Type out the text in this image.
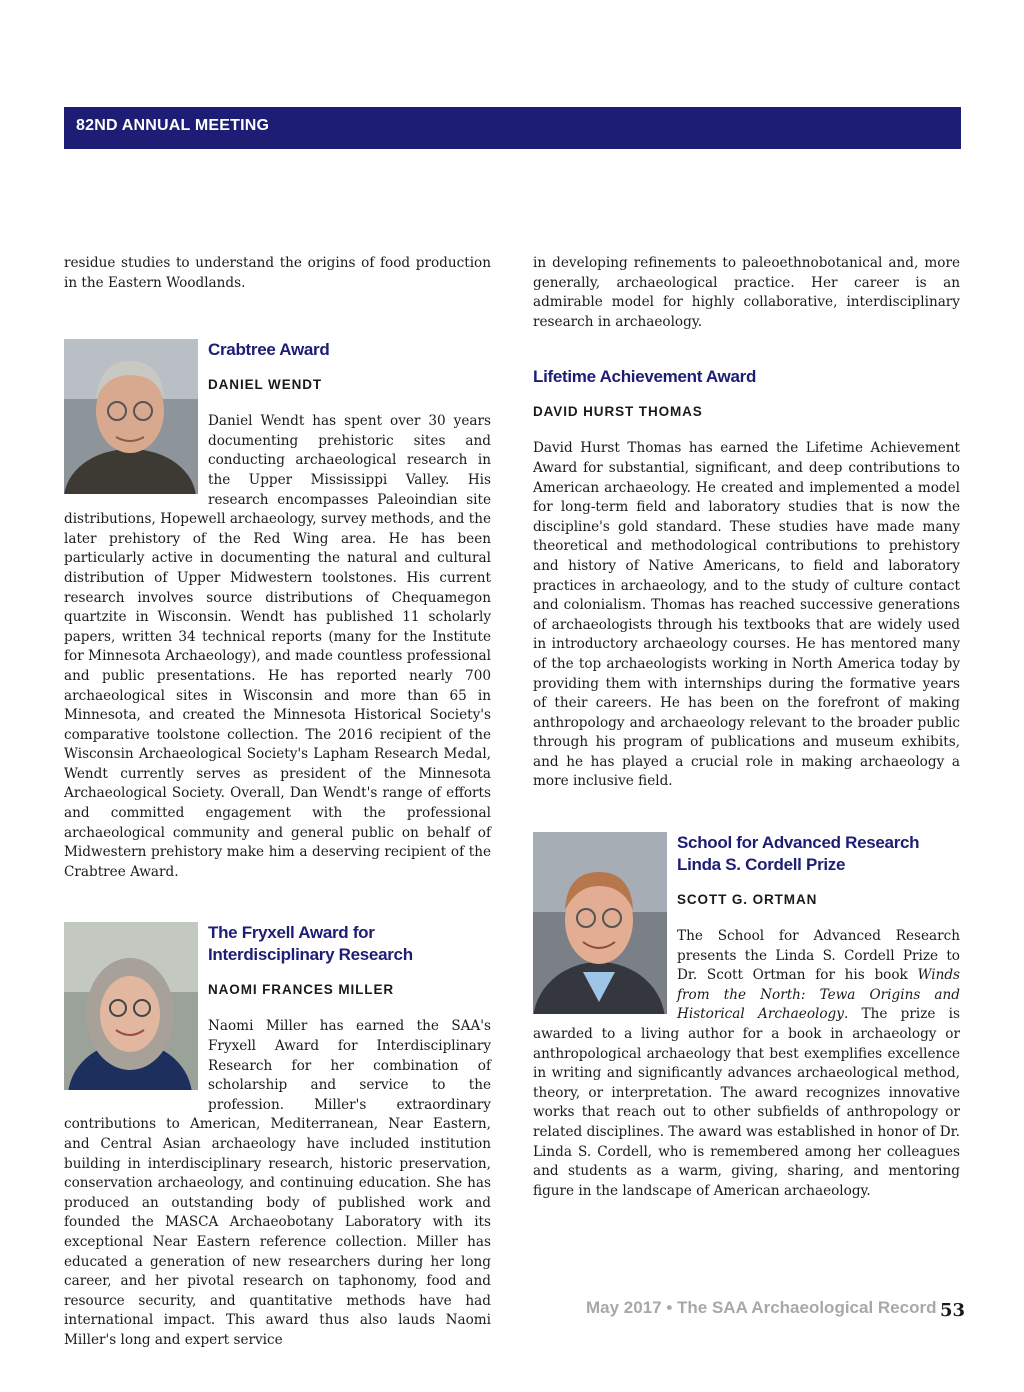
82ND ANNUAL MEETING

residue studies to understand the origins of food production in the Eastern Woodlands.

Crabtree Award
DANIEL WENDT

Daniel Wendt has spent over 30 years documenting prehistoric sites and conducting archaeological research in the Upper Mississippi Valley. His research encompasses Paleoindian site distributions, Hopewell archaeology, survey methods, and the later prehistory of the Red Wing area. He has been particularly active in documenting the natural and cultural distribution of Upper Midwestern toolstones. His current research involves source distributions of Chequamegon quartzite in Wisconsin. Wendt has published 11 scholarly papers, written 34 technical reports (many for the Institute for Minnesota Archaeology), and made countless professional and public presentations. He has reported nearly 700 archaeological sites in Wisconsin and more than 65 in Minnesota, and created the Minnesota Historical Society's comparative toolstone collection. The 2016 recipient of the Wisconsin Archaeological Society's Lapham Research Medal, Wendt currently serves as president of the Minnesota Archaeological Society. Overall, Dan Wendt's range of efforts and committed engagement with the professional archaeological community and general public on behalf of Midwestern prehistory make him a deserving recipient of the Crabtree Award.

The Fryxell Award for Interdisciplinary Research
NAOMI FRANCES MILLER

Naomi Miller has earned the SAA's Fryxell Award for Interdisciplinary Research for her combination of scholarship and service to the profession. Miller's extraordinary contributions to American, Mediterranean, Near Eastern, and Central Asian archaeology have included institution building in interdisciplinary research, historic preservation, conservation archaeology, and continuing education. She has produced an outstanding body of published work and founded the MASCA Archaeobotany Laboratory with its exceptional Near Eastern reference collection. Miller has educated a generation of new researchers during her long career, and her pivotal research on taphonomy, food and resource security, and quantitative methods have had international impact. This award thus also lauds Naomi Miller's long and expert service

in developing refinements to paleoethnobotanical and, more generally, archaeological practice. Her career is an admirable model for highly collaborative, interdisciplinary research in archaeology.

Lifetime Achievement Award
DAVID HURST THOMAS

David Hurst Thomas has earned the Lifetime Achievement Award for substantial, significant, and deep contributions to American archaeology. He created and implemented a model for long-term field and laboratory studies that is now the discipline's gold standard. These studies have made many theoretical and methodological contributions to prehistory and history of Native Americans, to field and laboratory practices in archaeology, and to the study of culture contact and colonialism. Thomas has reached successive generations of archaeologists through his textbooks that are widely used in introductory archaeology courses. He has mentored many of the top archaeologists working in North America today by providing them with internships during the formative years of their careers. He has been on the forefront of making anthropology and archaeology relevant to the broader public through his program of publications and museum exhibits, and he has played a crucial role in making archaeology a more inclusive field.

School for Advanced Research
Linda S. Cordell Prize
SCOTT G. ORTMAN

The School for Advanced Research presents the Linda S. Cordell Prize to Dr. Scott Ortman for his book Winds from the North: Tewa Origins and Historical Archaeology. The prize is awarded to a living author for a book in archaeology or anthropological archaeology that best exemplifies excellence in writing and significantly advances archaeological method, theory, or interpretation. The award recognizes innovative works that reach out to other subfields of anthropology or related disciplines. The award was established in honor of Dr. Linda S. Cordell, who is remembered among her colleagues and students as a warm, giving, sharing, and mentoring figure in the landscape of American archaeology.

May 2017 • The SAA Archaeological Record 53
